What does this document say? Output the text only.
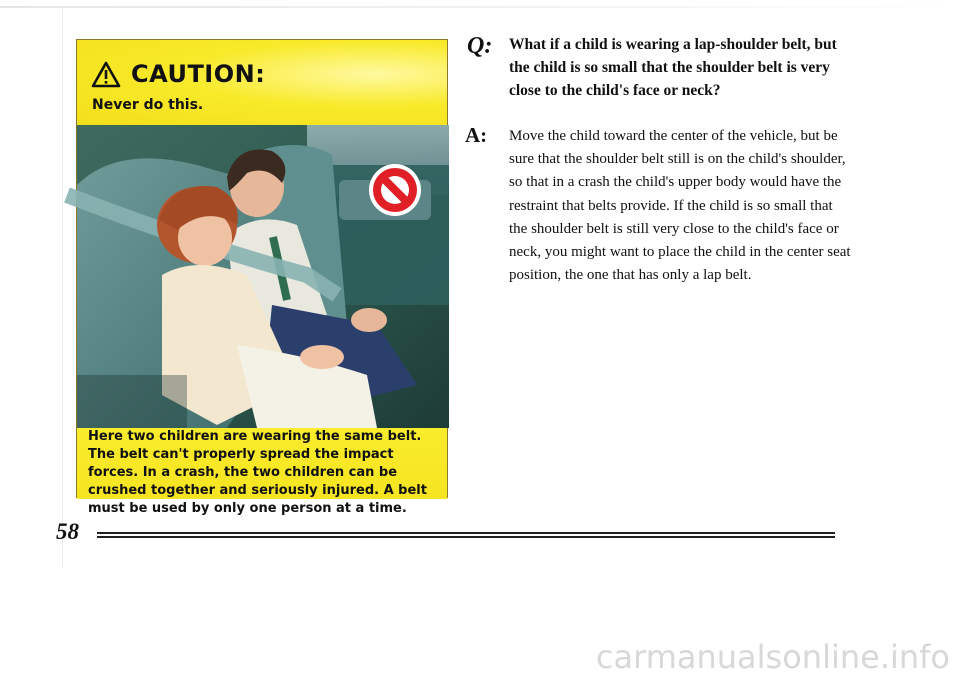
CAUTION:
Never do this.

Here two children are wearing the same belt. The belt can't properly spread the impact forces. In a crash, the two children can be crushed together and seriously injured. A belt must be used by only one person at a time.

Q: What if a child is wearing a lap-shoulder belt, but the child is so small that the shoulder belt is very close to the child's face or neck?
A: Move the child toward the center of the vehicle, but be sure that the shoulder belt still is on the child's shoulder, so that in a crash the child's upper body would have the restraint that belts provide. If the child is so small that the shoulder belt is still very close to the child's face or neck, you might want to place the child in the center seat position, the one that has only a lap belt.
58
carmanualsonline.info
